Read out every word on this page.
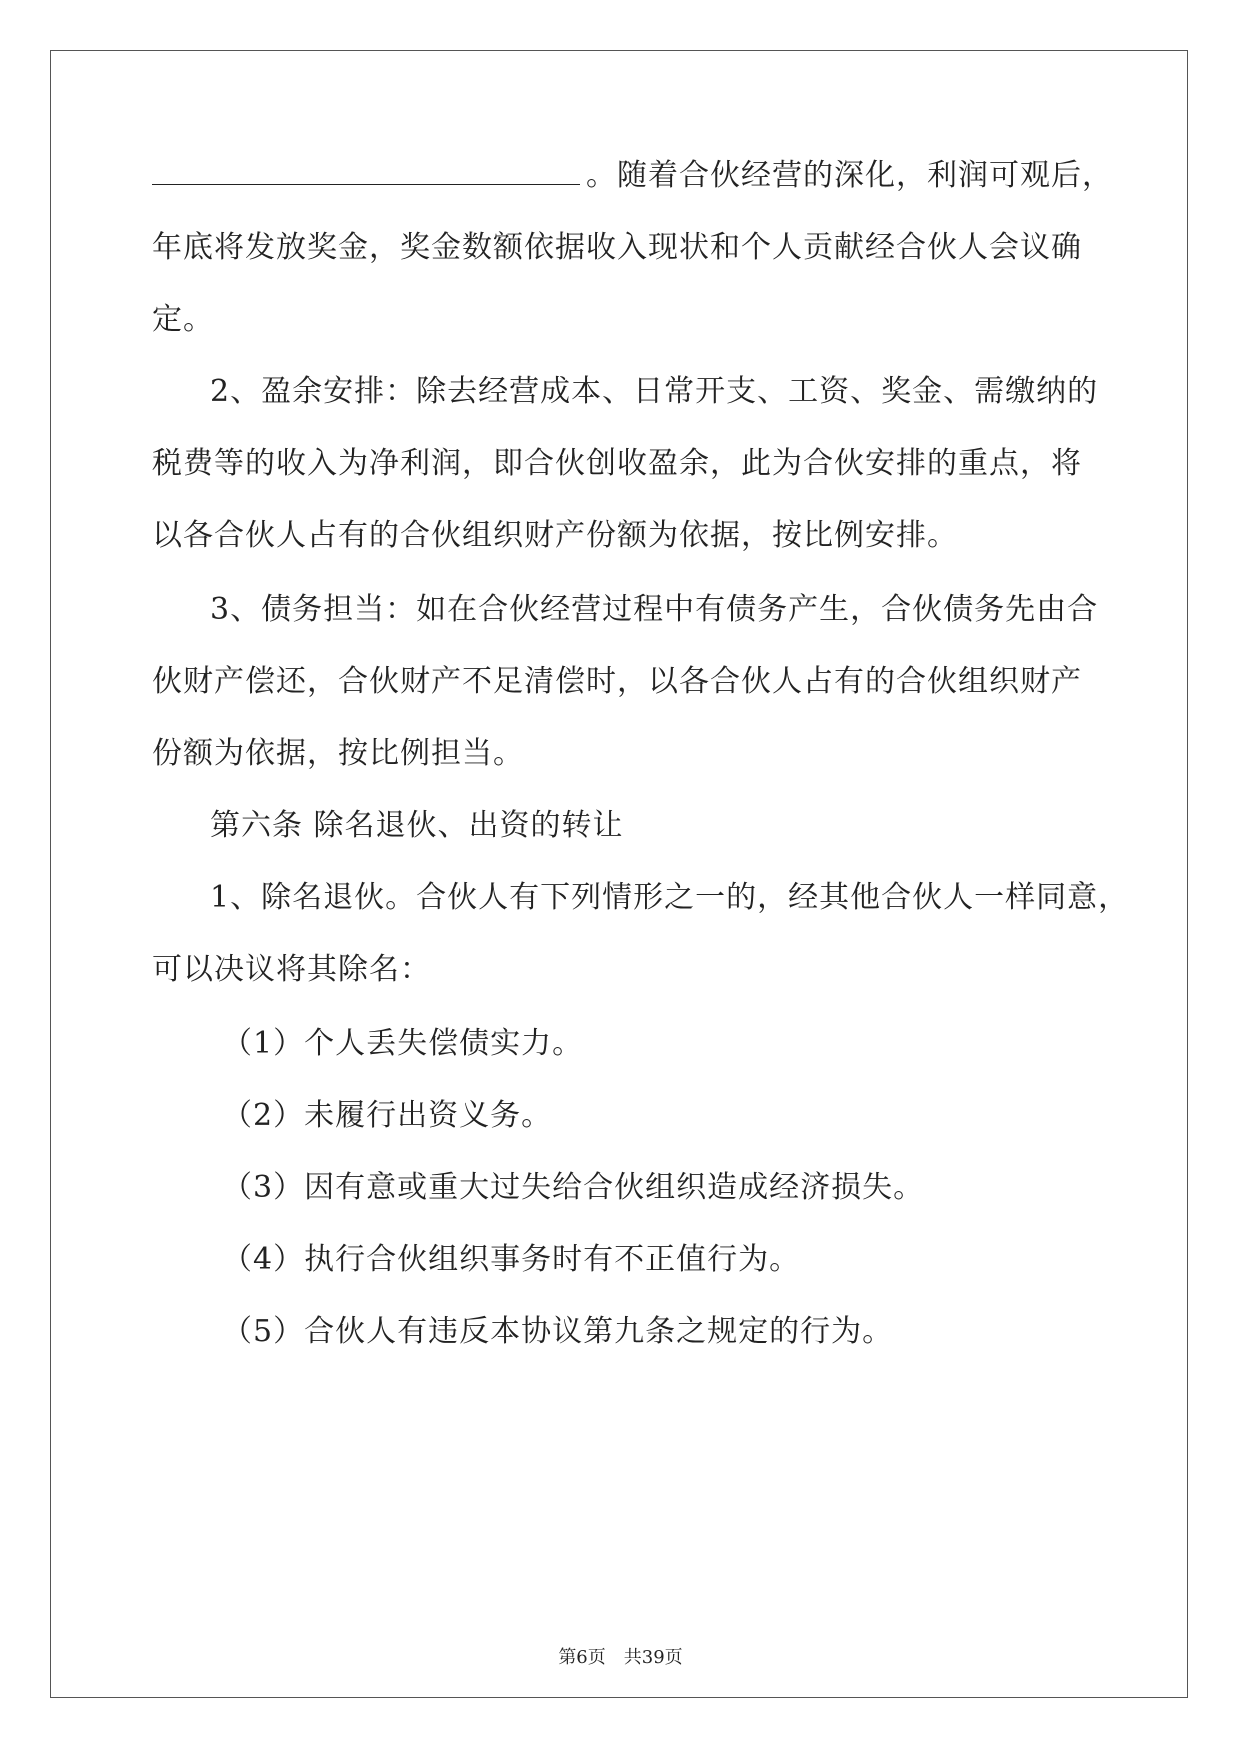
。随着合伙经营的深化，利润可观后，
年底将发放奖金，奖金数额依据收入现状和个人贡献经合伙人会议确
定。
2、盈余安排：除去经营成本、日常开支、工资、奖金、需缴纳的
税费等的收入为净利润，即合伙创收盈余，此为合伙安排的重点，将
以各合伙人占有的合伙组织财产份额为依据，按比例安排。
3、债务担当：如在合伙经营过程中有债务产生，合伙债务先由合
伙财产偿还，合伙财产不足清偿时，以各合伙人占有的合伙组织财产
份额为依据，按比例担当。
第六条 除名退伙、出资的转让
1、除名退伙。合伙人有下列情形之一的，经其他合伙人一样同意，
可以决议将其除名：
（1）个人丢失偿债实力。
（2）未履行出资义务。
（3）因有意或重大过失给合伙组织造成经济损失。
（4）执行合伙组织事务时有不正值行为。
（5）合伙人有违反本协议第九条之规定的行为。
第6页　共39页
